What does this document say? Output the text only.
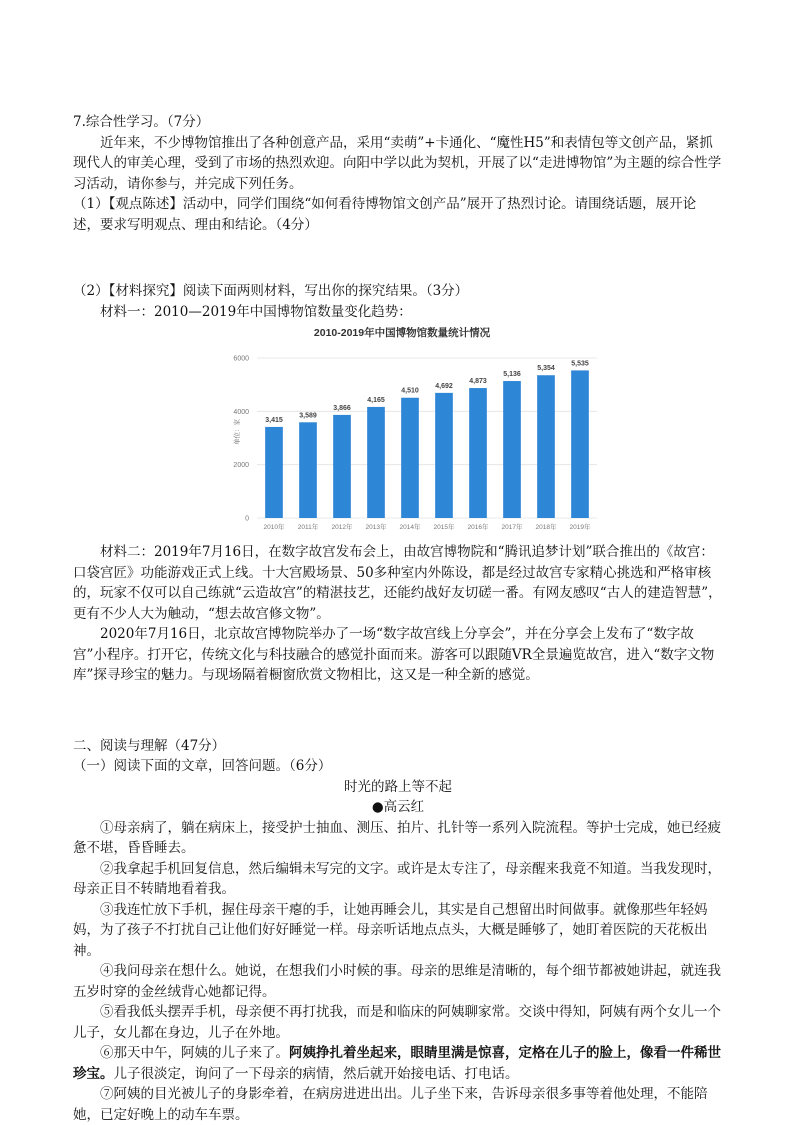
7.综合性学习。（7分）

近年来，不少博物馆推出了各种创意产品，采用“卖萌”+卡通化、“魔性H5”和表情包等文创产品，紧抓现代人的审美心理，受到了市场的热烈欢迎。向阳中学以此为契机，开展了以“走进博物馆”为主题的综合性学习活动，请你参与，并完成下列任务。

（1）【观点陈述】活动中，同学们围绕“如何看待博物馆文创产品”展开了热烈讨论。请围绕话题，展开论述，要求写明观点、理由和结论。（4分）

（2）【材料探究】阅读下面两则材料，写出你的探究结果。（3分）

材料一：2010—2019年中国博物馆数量变化趋势：

2010-2019年中国博物馆数量统计情况
0
2000
4000
6000
3,415
2010年
3,589
2011年
3,866
2012年
4,165
2013年
4,510
2014年
4,692
2015年
4,873
2016年
5,136
2017年
5,354
2018年
5,535
2019年
单位：家

材料二：2019年7月16日，在数字故宫发布会上，由故宫博物院和“腾讯追梦计划”联合推出的《故宫：口袋宫匠》功能游戏正式上线。十大宫殿场景、50多种室内外陈设，都是经过故宫专家精心挑选和严格审核的，玩家不仅可以自己练就“云造故宫”的精湛技艺，还能约战好友切磋一番。有网友感叹“古人的建造智慧”，更有不少人大为触动，“想去故宫修文物”。

2020年7月16日，北京故宫博物院举办了一场“数字故宫线上分享会”，并在分享会上发布了“数字故宫”小程序。打开它，传统文化与科技融合的感觉扑面而来。游客可以跟随VR全景遍览故宫，进入“数字文物库”探寻珍宝的魅力。与现场隔着橱窗欣赏文物相比，这又是一种全新的感觉。

二、阅读与理解（47分）

（一）阅读下面的文章，回答问题。（6分）

时光的路上等不起

●高云红

①母亲病了，躺在病床上，接受护士抽血、测压、拍片、扎针等一系列入院流程。等护士完成，她已经疲惫不堪，昏昏睡去。

②我拿起手机回复信息，然后编辑未写完的文字。或许是太专注了，母亲醒来我竟不知道。当我发现时，母亲正目不转睛地看着我。

③我连忙放下手机，握住母亲干瘪的手，让她再睡会儿，其实是自己想留出时间做事。就像那些年轻妈妈，为了孩子不打扰自己让他们好好睡觉一样。母亲听话地点点头，大概是睡够了，她盯着医院的天花板出神。

④我问母亲在想什么。她说，在想我们小时候的事。母亲的思维是清晰的，每个细节都被她讲起，就连我五岁时穿的金丝绒背心她都记得。

⑤看我低头摆弄手机，母亲便不再打扰我，而是和临床的阿姨聊家常。交谈中得知，阿姨有两个女儿一个儿子，女儿都在身边，儿子在外地。

⑥那天中午，阿姨的儿子来了。阿姨挣扎着坐起来，眼睛里满是惊喜，定格在儿子的脸上，像看一件稀世珍宝。儿子很淡定，询问了一下母亲的病情，然后就开始接电话、打电话。

⑦阿姨的目光被儿子的身影牵着，在病房进进出出。儿子坐下来，告诉母亲很多事等着他处理，不能陪她，已定好晚上的动车车票。
